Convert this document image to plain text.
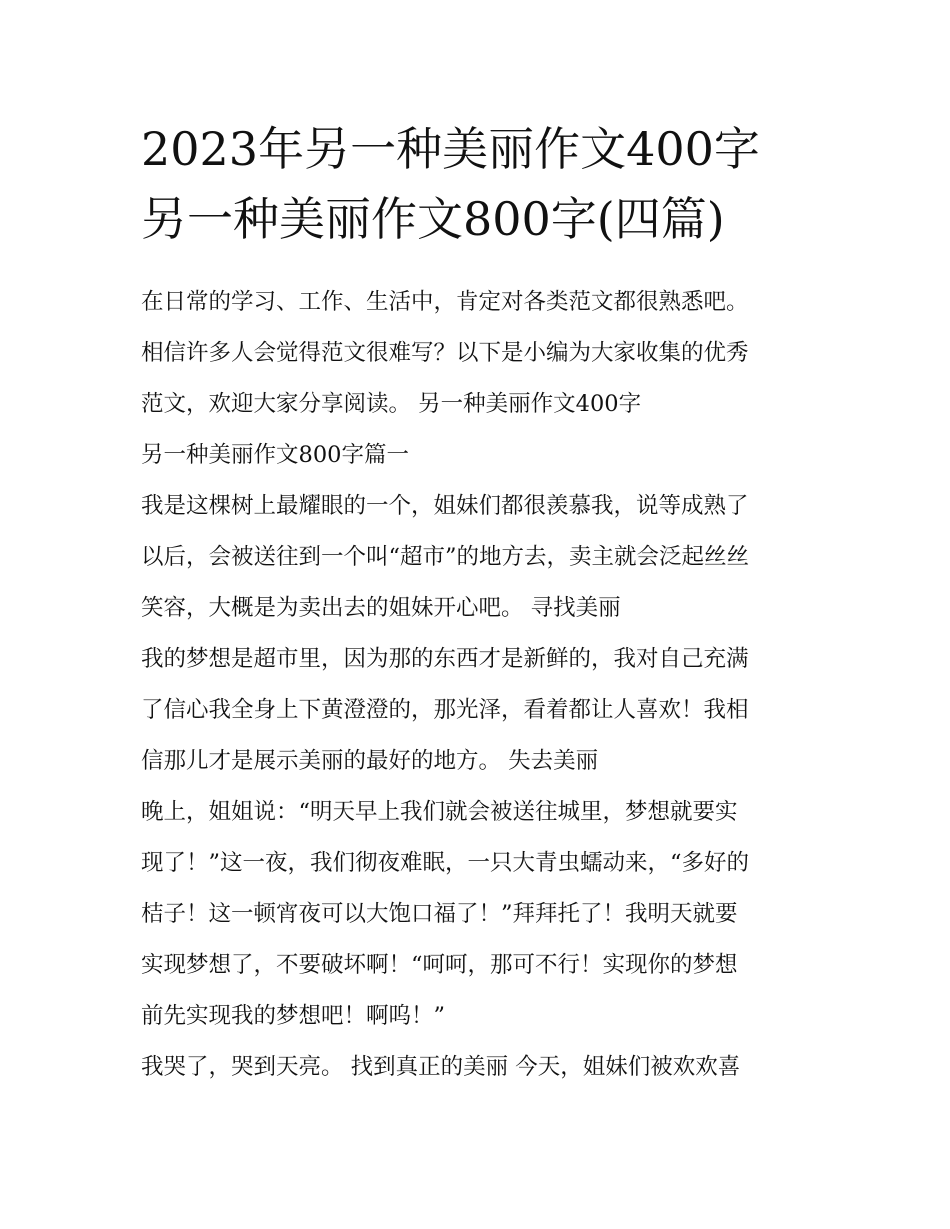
2023年另一种美丽作文400字
另一种美丽作文800字(四篇)

在日常的学习、工作、生活中，肯定对各类范文都很熟悉吧。
相信许多人会觉得范文很难写？以下是小编为大家收集的优秀
范文，欢迎大家分享阅读。 另一种美丽作文400字

另一种美丽作文800字篇一

我是这棵树上最耀眼的一个，姐妹们都很羡慕我，说等成熟了
以后，会被送往到一个叫“超市”的地方去，卖主就会泛起丝丝
笑容，大概是为卖出去的姐妹开心吧。 寻找美丽

我的梦想是超市里，因为那的东西才是新鲜的，我对自己充满
了信心我全身上下黄澄澄的，那光泽，看着都让人喜欢！我相
信那儿才是展示美丽的最好的地方。 失去美丽

晚上，姐姐说：“明天早上我们就会被送往城里，梦想就要实
现了！”这一夜，我们彻夜难眠，一只大青虫蠕动来，“多好的
桔子！这一顿宵夜可以大饱口福了！”拜拜托了！我明天就要
实现梦想了，不要破坏啊！“呵呵，那可不行！实现你的梦想
前先实现我的梦想吧！啊呜！”

我哭了，哭到天亮。 找到真正的美丽 今天，姐妹们被欢欢喜
